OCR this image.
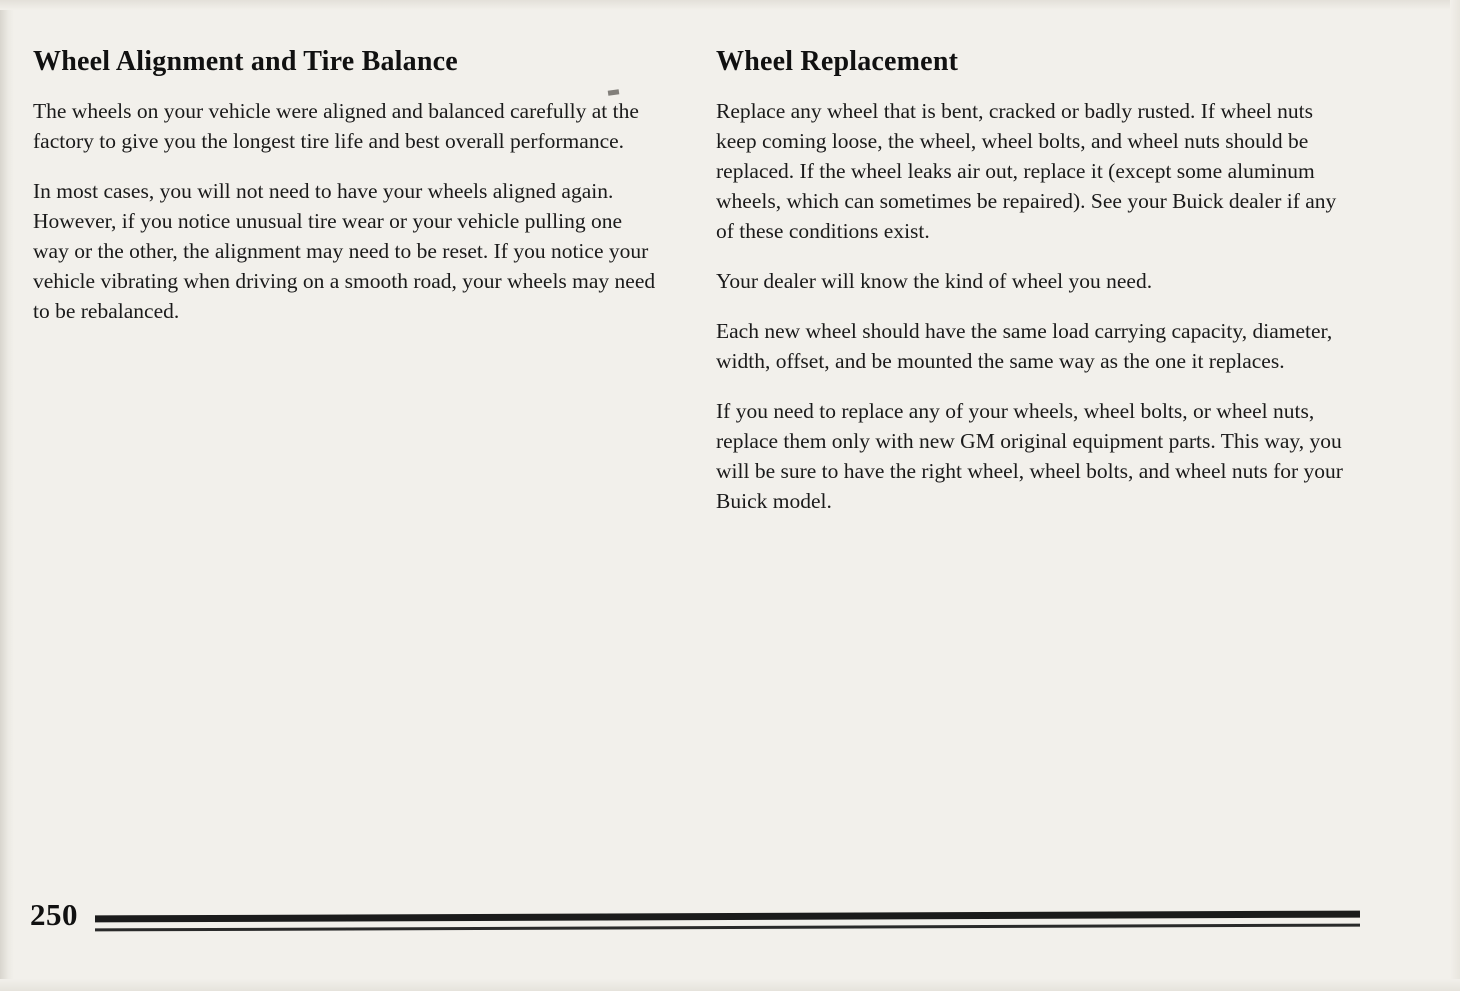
Wheel Alignment and Tire Balance

The wheels on your vehicle were aligned and balanced carefully at the factory to give you the longest tire life and best overall performance.

In most cases, you will not need to have your wheels aligned again. However, if you notice unusual tire wear or your vehicle pulling one way or the other, the alignment may need to be reset. If you notice your vehicle vibrating when driving on a smooth road, your wheels may need to be rebalanced.

Wheel Replacement

Replace any wheel that is bent, cracked or badly rusted. If wheel nuts keep coming loose, the wheel, wheel bolts, and wheel nuts should be replaced. If the wheel leaks air out, replace it (except some aluminum wheels, which can sometimes be repaired). See your Buick dealer if any of these conditions exist.

Your dealer will know the kind of wheel you need.

Each new wheel should have the same load carrying capacity, diameter, width, offset, and be mounted the same way as the one it replaces.

If you need to replace any of your wheels, wheel bolts, or wheel nuts, replace them only with new GM original equipment parts. This way, you will be sure to have the right wheel, wheel bolts, and wheel nuts for your Buick model.

250
